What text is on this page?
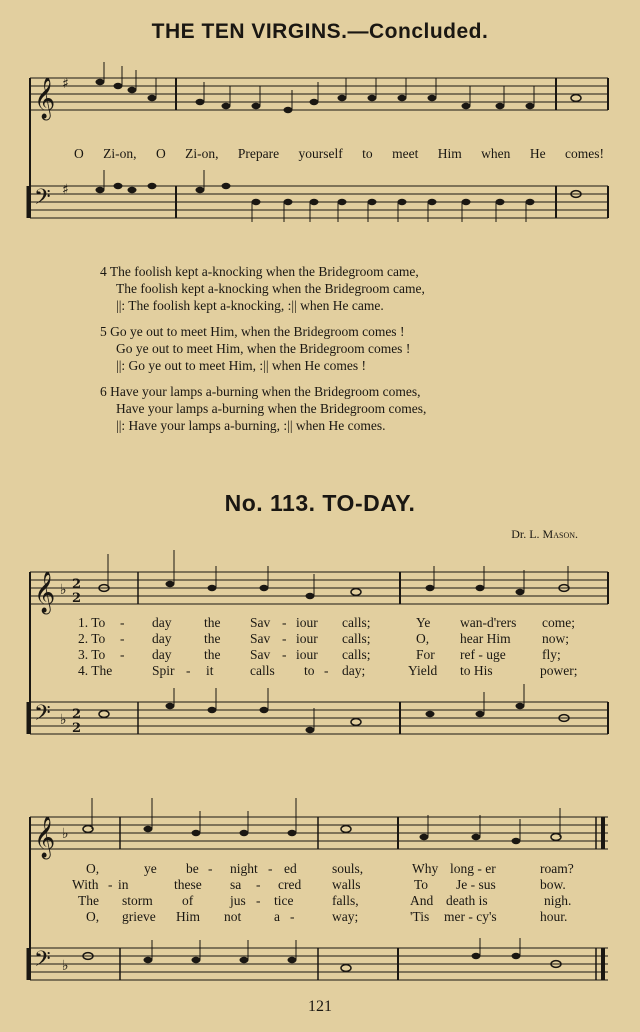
THE TEN VIRGINS.—Concluded.
𝄞 ♯
𝄢 ♯
O Zi-on, O Zi-on, Prepare yourself to meet Him when He comes!
4 The foolish kept a-knocking when the Bridegroom came,
The foolish kept a-knocking when the Bridegroom came,
||: The foolish kept a-knocking, :|| when He came.
5 Go ye out to meet Him, when the Bridegroom comes !
Go ye out to meet Him, when the Bridegroom comes !
||: Go ye out to meet Him, :|| when He comes !
6 Have your lamps a-burning when the Bridegroom comes,
Have your lamps a-burning when the Bridegroom comes,
||: Have your lamps a-burning, :|| when He comes.
No. 113. TO-DAY.
Dr. L. Mason.
𝄞 ♭ 2
2
𝄢 ♭ 2
2
1. To - day the Sav - iour calls;	Ye wan-d'rers come;
2. To - day the Sav - iour calls;	O, hear Him now;
3. To - day the Sav - iour calls;	For ref - uge	fly;
4. The	Spir - it	calls to - day;	Yield to His	power;
𝄞 ♭
𝄢 ♭
O,	ye be - night - ed	souls,	Why long - er	roam?
With - in	these sa - cred walls	To Je - sus	bow.
The storm of	jus - tice	falls,	And death is	nigh.
O, grieve Him not a -	way;	'Tis mer - cy's	hour.
121
